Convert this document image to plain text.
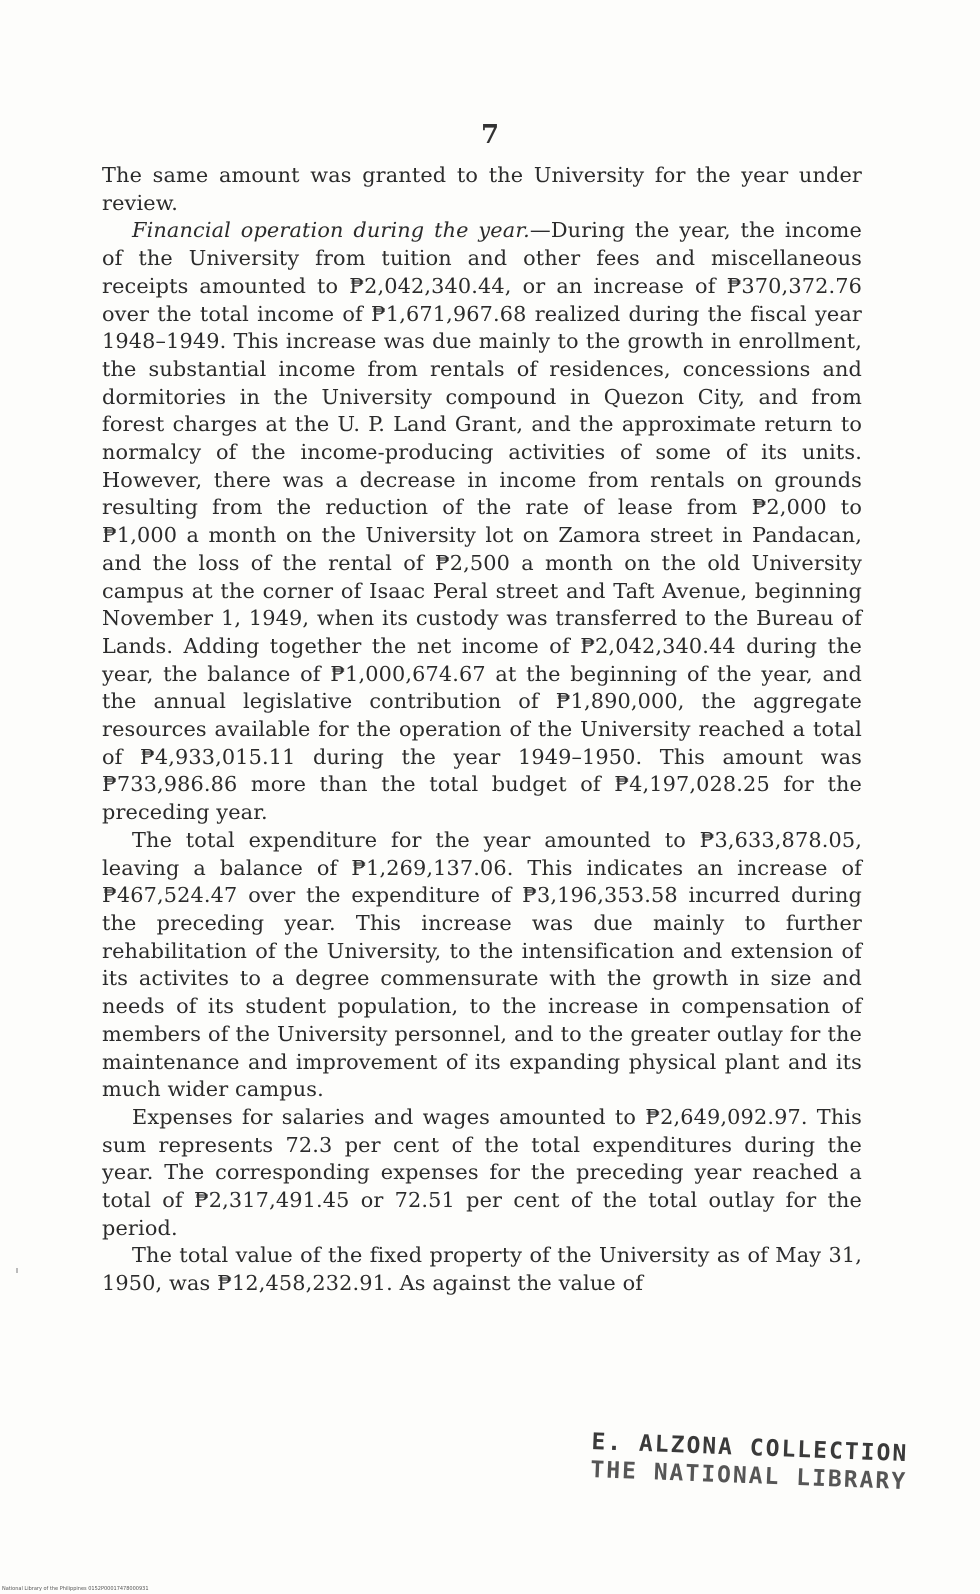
7

The same amount was granted to the University for the year under review.

Financial operation during the year.—During the year, the income of the University from tuition and other fees and miscellaneous receipts amounted to ₱2,042,340.44, or an increase of ₱370,372.76 over the total income of ₱1,671,967.68 realized during the fiscal year 1948–1949. This increase was due mainly to the growth in enrollment, the substantial income from rentals of residences, concessions and dormitories in the University compound in Quezon City, and from forest charges at the U. P. Land Grant, and the approximate return to normalcy of the income-producing activities of some of its units. However, there was a decrease in income from rentals on grounds resulting from the reduction of the rate of lease from ₱2,000 to ₱1,000 a month on the University lot on Zamora street in Pandacan, and the loss of the rental of ₱2,500 a month on the old University campus at the corner of Isaac Peral street and Taft Avenue, beginning November 1, 1949, when its custody was transferred to the Bureau of Lands. Adding together the net income of ₱2,042,340.44 during the year, the balance of ₱1,000,674.67 at the beginning of the year, and the annual legislative contribution of ₱1,890,000, the aggregate resources available for the operation of the University reached a total of ₱4,933,015.11 during the year 1949–1950. This amount was ₱733,986.86 more than the total budget of ₱4,197,028.25 for the preceding year.

The total expenditure for the year amounted to ₱3,633,878.05, leaving a balance of ₱1,269,137.06. This indicates an increase of ₱467,524.47 over the expenditure of ₱3,196,353.58 incurred during the preceding year. This increase was due mainly to further rehabilitation of the University, to the intensification and extension of its activites to a degree commensurate with the growth in size and needs of its student population, to the increase in compensation of members of the University personnel, and to the greater outlay for the maintenance and improvement of its expanding physical plant and its much wider campus.

Expenses for salaries and wages amounted to ₱2,649,092.97. This sum represents 72.3 per cent of the total expenditures during the year. The corresponding expenses for the preceding year reached a total of ₱2,317,491.45 or 72.51 per cent of the total outlay for the period.

The total value of the fixed property of the University as of May 31, 1950, was ₱12,458,232.91. As against the value of

E. ALZONA COLLECTION
THE NATIONAL LIBRARY
National Library of the Philippines 0152P00017478000931
